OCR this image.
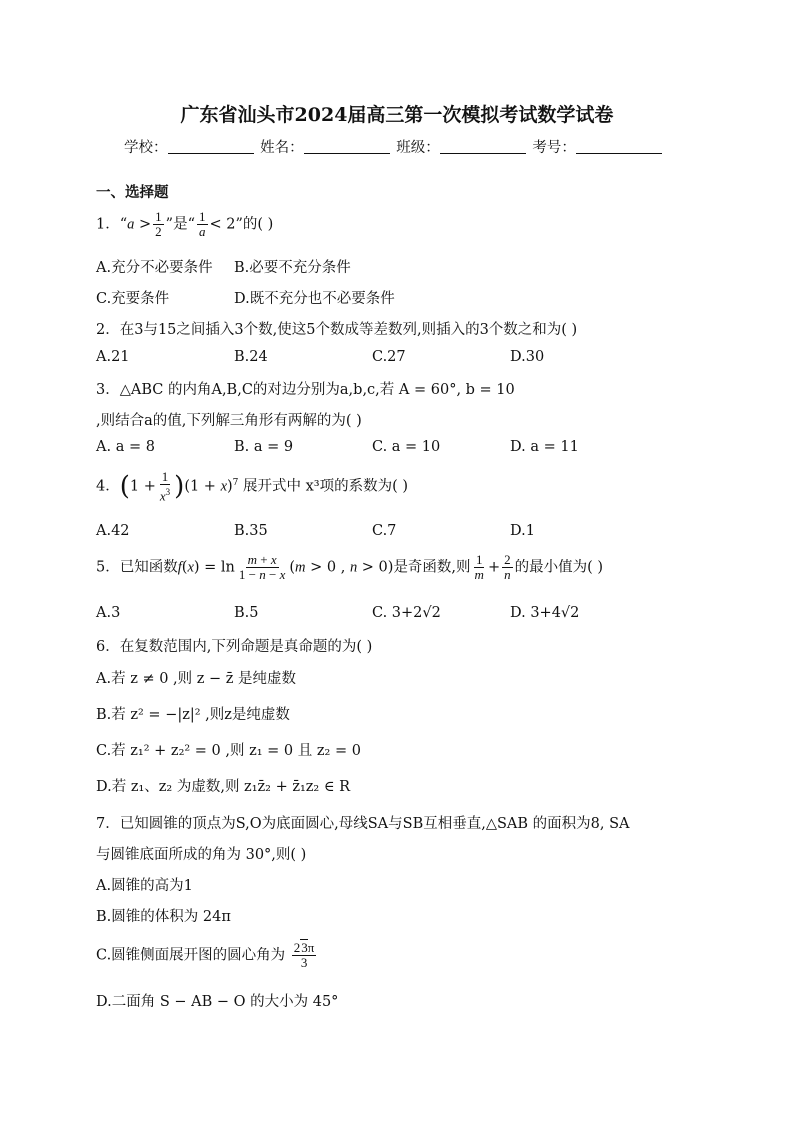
广东省汕头市2024届高三第一次模拟考试数学试卷
学校：	姓名：	班级：	考号：
一、选择题
1．“$a > \frac{1}{2}$ ”是“ $\frac{1}{a} < 2$”的( )
A.充分不必要条件	B.必要不充分条件
C.充要条件	D.既不充分也不必要条件
2．在3与15之间插入3个数,使这5个数成等差数列,则插入的3个数之和为( )
A.21	B.24	C.27	D.30
3．△ABC 的内角A,B,C的对边分别为a,b,c,若 A = 60°, b = 10
,则结合a的值,下列解三角形有两解的为( )
A. a = 8	B. a = 9	C. a = 10	D. a = 11
4．$(1 + \frac{1}{x^3} )(1 + x)^7$ 展开式中 x³项的系数为( )
A.42	B.35	C.7	D.1
5．已知函数$f(x) = \ln \frac{m + x}{1 - n - x} (m > 0$ , n > 0)是奇函数,则 $\frac{1}{m} + \frac{2}{n}$ 的最小值为( )
A.3	B.5	C. 3+2√2	D. 3+4√2
6．在复数范围内,下列命题是真命题的为( )
A.若 z ≠ 0 ,则 z − z̄ 是纯虚数
B.若 z² = −|z|² ,则z是纯虚数
C.若 z₁² + z₂² = 0 ,则 z₁ = 0 且 z₂ = 0
D.若 z₁、z₂ 为虚数,则 z₁z̄₂ + z̄₁z₂ ∈ R
7．已知圆锥的顶点为S,O为底面圆心,母线SA与SB互相垂直,△SAB 的面积为8, SA
与圆锥底面所成的角为 30°,则( )
A.圆锥的高为1
B.圆锥的体积为 24π
C.圆锥侧面展开图的圆心角为 $\frac{23\pi}{3}$
D.二面角 S − AB − O 的大小为 45°
